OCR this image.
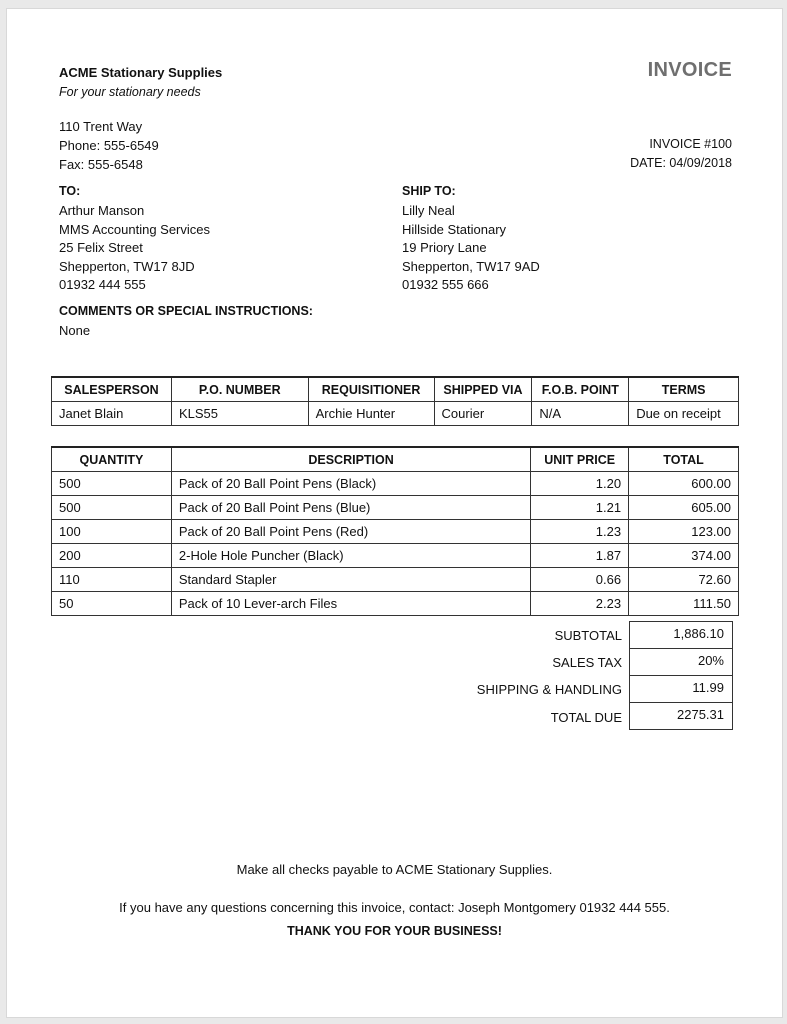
ACME Stationary Supplies
For your stationary needs
INVOICE
110 Trent Way
Phone: 555-6549
Fax: 555-6548
INVOICE #100
DATE: 04/09/2018
TO:
Arthur Manson
MMS Accounting Services
25 Felix Street
Shepperton, TW17 8JD
01932 444 555
SHIP TO:
Lilly Neal
Hillside Stationary
19 Priory Lane
Shepperton, TW17 9AD
01932 555 666
COMMENTS OR SPECIAL INSTRUCTIONS:
None
SALESPERSON	P.O. NUMBER	REQUISITIONER	SHIPPED VIA	F.O.B. POINT	TERMS
Janet Blain	KLS55	Archie Hunter	Courier	N/A	Due on receipt
QUANTITY	DESCRIPTION	UNIT PRICE	TOTAL
500	Pack of 20 Ball Point Pens (Black)	1.20	600.00
500	Pack of 20 Ball Point Pens (Blue)	1.21	605.00
100	Pack of 20 Ball Point Pens (Red)	1.23	123.00
200	2-Hole Hole Puncher (Black)	1.87	374.00
110	Standard Stapler	0.66	72.60
50	Pack of 10 Lever-arch Files	2.23	111.50
SUBTOTAL	1,886.10
SALES TAX	20%
SHIPPING & HANDLING	11.99
TOTAL DUE	2275.31
Make all checks payable to ACME Stationary Supplies.
If you have any questions concerning this invoice, contact: Joseph Montgomery 01932 444 555.
THANK YOU FOR YOUR BUSINESS!
